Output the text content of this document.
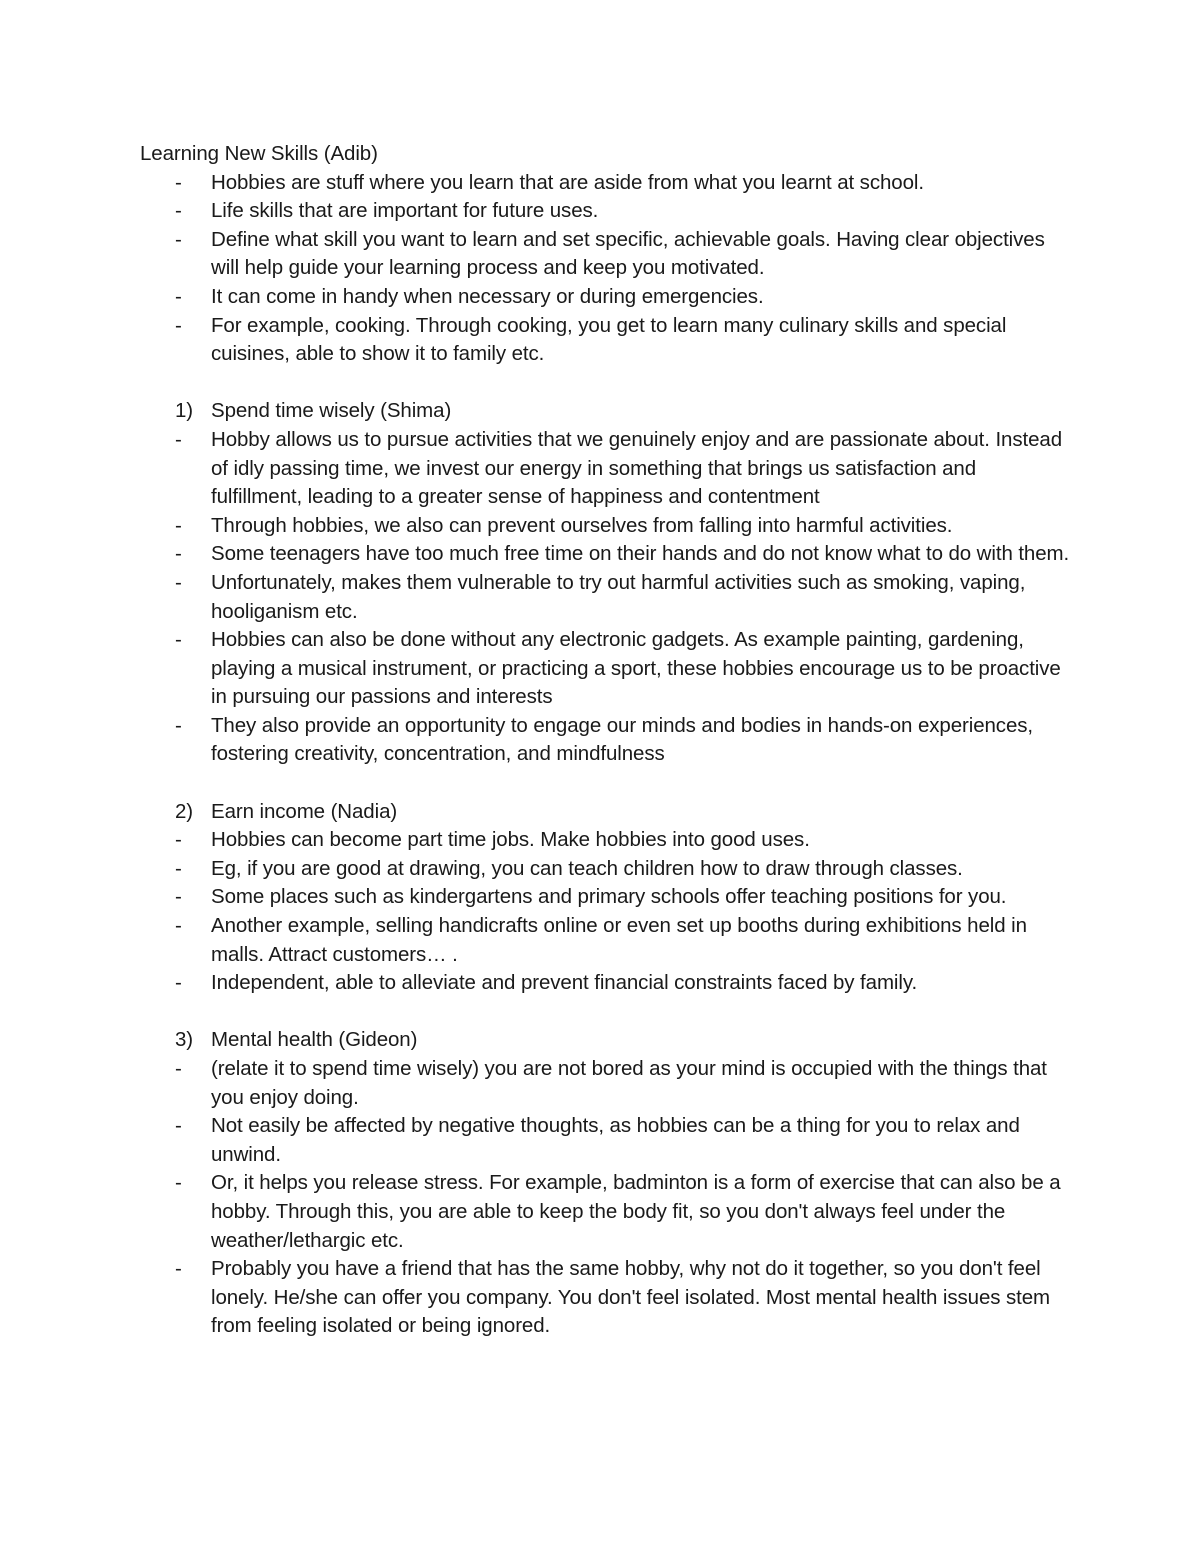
Learning New Skills (Adib)

-	Hobbies are stuff where you learn that are aside from what you learnt at school.
-	Life skills that are important for future uses.
-	Define what skill you want to learn and set specific, achievable goals. Having clear objectives will help guide your learning process and keep you motivated.
-	It can come in handy when necessary or during emergencies.
-	For example, cooking. Through cooking, you get to learn many culinary skills and special cuisines, able to show it to family etc.

1) Spend time wisely (Shima)

-	Hobby allows us to pursue activities that we genuinely enjoy and are passionate about. Instead of idly passing time, we invest our energy in something that brings us satisfaction and fulfillment, leading to a greater sense of happiness and contentment
-	Through hobbies, we also can prevent ourselves from falling into harmful activities.
-	Some teenagers have too much free time on their hands and do not know what to do with them.
-	Unfortunately, makes them vulnerable to try out harmful activities such as smoking, vaping, hooliganism etc.
-	Hobbies can also be done without any electronic gadgets. As example painting, gardening, playing a musical instrument, or practicing a sport, these hobbies encourage us to be proactive in pursuing our passions and interests
-	They also provide an opportunity to engage our minds and bodies in hands-on experiences, fostering creativity, concentration, and mindfulness

2) Earn income (Nadia)

-	Hobbies can become part time jobs. Make hobbies into good uses.
-	Eg, if you are good at drawing, you can teach children how to draw through classes.
-	Some places such as kindergartens and primary schools offer teaching positions for you.
-	Another example, selling handicrafts online or even set up booths during exhibitions held in malls. Attract customers… .
-	Independent, able to alleviate and prevent financial constraints faced by family.

3) Mental health (Gideon)

-	(relate it to spend time wisely) you are not bored as your mind is occupied with the things that you enjoy doing.
-	Not easily be affected by negative thoughts, as hobbies can be a thing for you to relax and unwind.
-	Or, it helps you release stress. For example, badminton is a form of exercise that can also be a hobby. Through this, you are able to keep the body fit, so you don't always feel under the weather/lethargic etc.
-	Probably you have a friend that has the same hobby, why not do it together, so you don't feel lonely. He/she can offer you company. You don't feel isolated. Most mental health issues stem from feeling isolated or being ignored.
